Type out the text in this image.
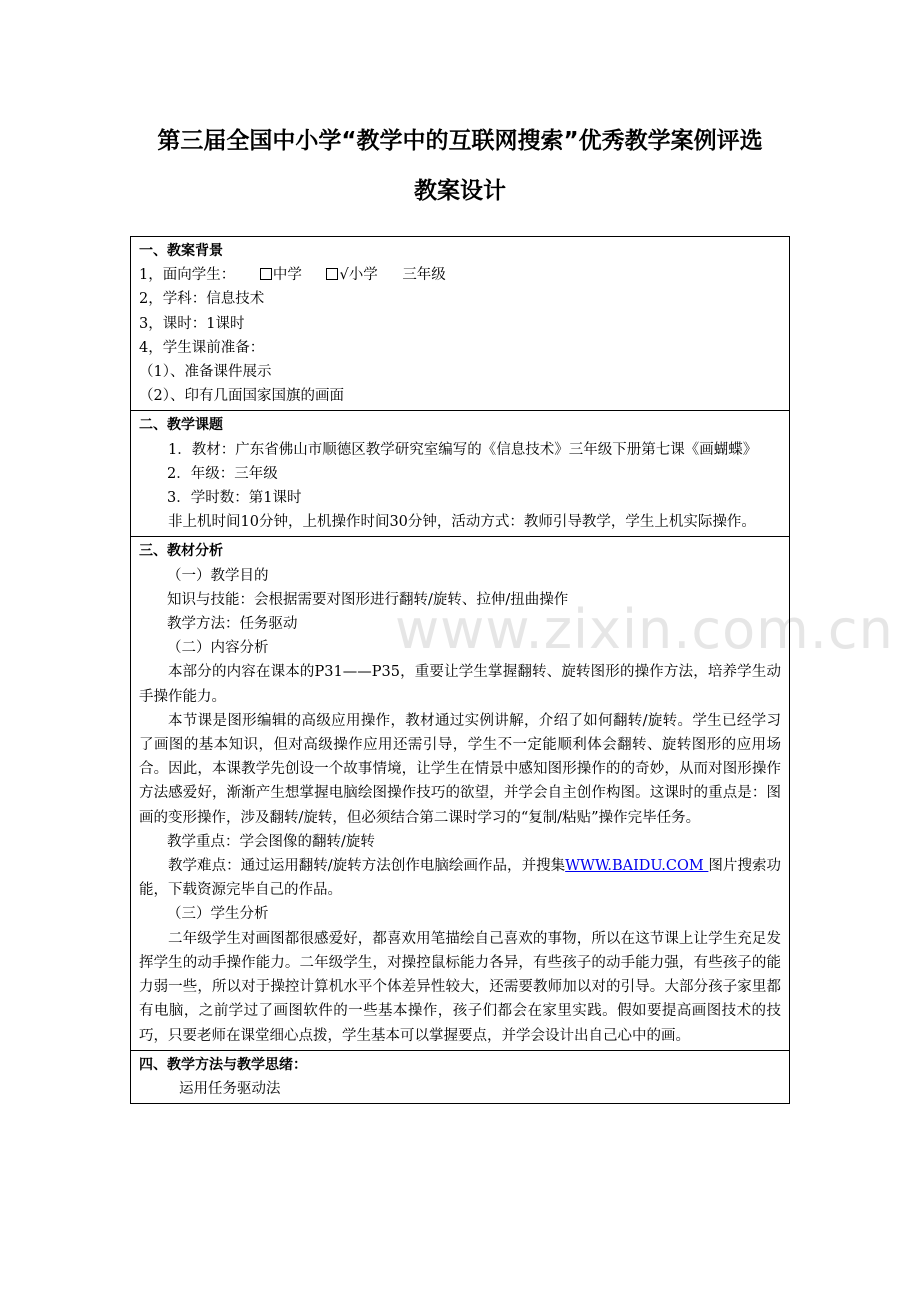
第三届全国中小学“教学中的互联网搜索”优秀教学案例评选
教案设计
www.zixin.com.cn
一、教案背景
1，面向学生：	中学	√小学 三年级
2，学科：信息技术
3，课时：1课时
4，学生课前准备：
（1）、准备课件展示
（2）、印有几面国家国旗的画面

二、教学课题

1．教材：广东省佛山市顺德区教学研究室编写的《信息技术》三年级下册第七课《画蝴蝶》

2．年级：三年级
3．学时数：第1课时

非上机时间10分钟，上机操作时间30分钟，活动方式：教师引导教学，学生上机实际操作。

三、教材分析
（一）教学目的
知识与技能：会根据需要对图形进行翻转/旋转、拉伸/扭曲操作
教学方法：任务驱动
（二）内容分析

本部分的内容在课本的P31——P35，重要让学生掌握翻转、旋转图形的操作方法，培养学生动手操作能力。

本节课是图形编辑的高级应用操作，教材通过实例讲解，介绍了如何翻转/旋转。学生已经学习了画图的基本知识，但对高级操作应用还需引导，学生不一定能顺利体会翻转、旋转图形的应用场合。因此，本课教学先创设一个故事情境，让学生在情景中感知图形操作的的奇妙，从而对图形操作方法感爱好，渐渐产生想掌握电脑绘图操作技巧的欲望，并学会自主创作构图。这课时的重点是：图画的变形操作，涉及翻转/旋转，但必须结合第二课时学习的“复制/粘贴”操作完毕任务。

教学重点：学会图像的翻转/旋转

教学难点：通过运用翻转/旋转方法创作电脑绘画作品，并搜集WWW.BAIDU.COM 图片搜索功能，下载资源完毕自己的作品。

（三）学生分析

二年级学生对画图都很感爱好，都喜欢用笔描绘自己喜欢的事物，所以在这节课上让学生充足发挥学生的动手操作能力。二年级学生，对操控鼠标能力各异，有些孩子的动手能力强，有些孩子的能力弱一些，所以对于操控计算机水平个体差异性较大，还需要教师加以对的引导。大部分孩子家里都有电脑，之前学过了画图软件的一些基本操作，孩子们都会在家里实践。假如要提高画图技术的技巧，只要老师在课堂细心点拨，学生基本可以掌握要点，并学会设计出自己心中的画。

四、教学方法与教学思绪：
运用任务驱动法
